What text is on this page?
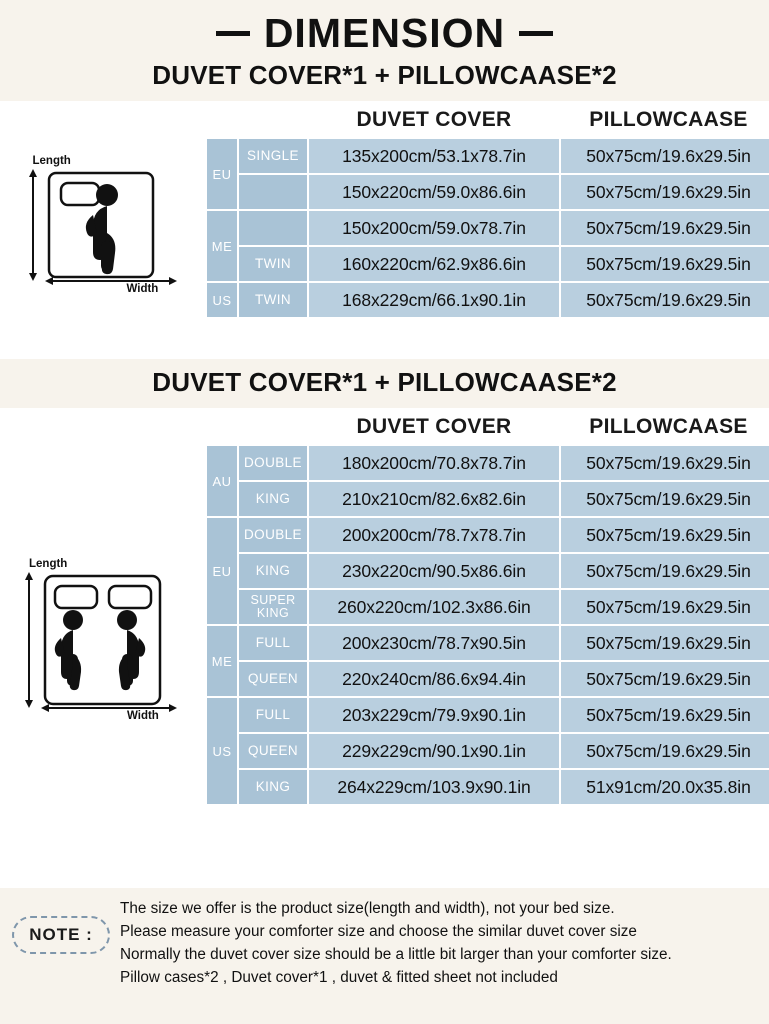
DIMENSION
DUVET COVER*1 + PILLOWCAASE*2
Length
Width
		DUVET COVER	PILLOWCAASE
EU	SINGLE	135x200cm/53.1x78.7in	50x75cm/19.6x29.5in
		150x220cm/59.0x86.6in	50x75cm/19.6x29.5in
ME		150x200cm/59.0x78.7in	50x75cm/19.6x29.5in
	TWIN	160x220cm/62.9x86.6in	50x75cm/19.6x29.5in
US	TWIN	168x229cm/66.1x90.1in	50x75cm/19.6x29.5in
DUVET COVER*1 + PILLOWCAASE*2
Length
Width
		DUVET COVER	PILLOWCAASE
AU	DOUBLE	180x200cm/70.8x78.7in	50x75cm/19.6x29.5in
	KING	210x210cm/82.6x82.6in	50x75cm/19.6x29.5in
EU	DOUBLE	200x200cm/78.7x78.7in	50x75cm/19.6x29.5in
	KING	230x220cm/90.5x86.6in	50x75cm/19.6x29.5in
	SUPER KING	260x220cm/102.3x86.6in	50x75cm/19.6x29.5in
ME	FULL	200x230cm/78.7x90.5in	50x75cm/19.6x29.5in
	QUEEN	220x240cm/86.6x94.4in	50x75cm/19.6x29.5in
US	FULL	203x229cm/79.9x90.1in	50x75cm/19.6x29.5in
	QUEEN	229x229cm/90.1x90.1in	50x75cm/19.6x29.5in
	KING	264x229cm/103.9x90.1in	51x91cm/20.0x35.8in
NOTE :
The size we offer is the product size(length and width), not your bed size.
Please measure your comforter size and choose the similar duvet cover size
Normally the duvet cover size should be a little bit larger than your comforter size.
Pillow cases*2 , Duvet cover*1 , duvet & fitted sheet not included
